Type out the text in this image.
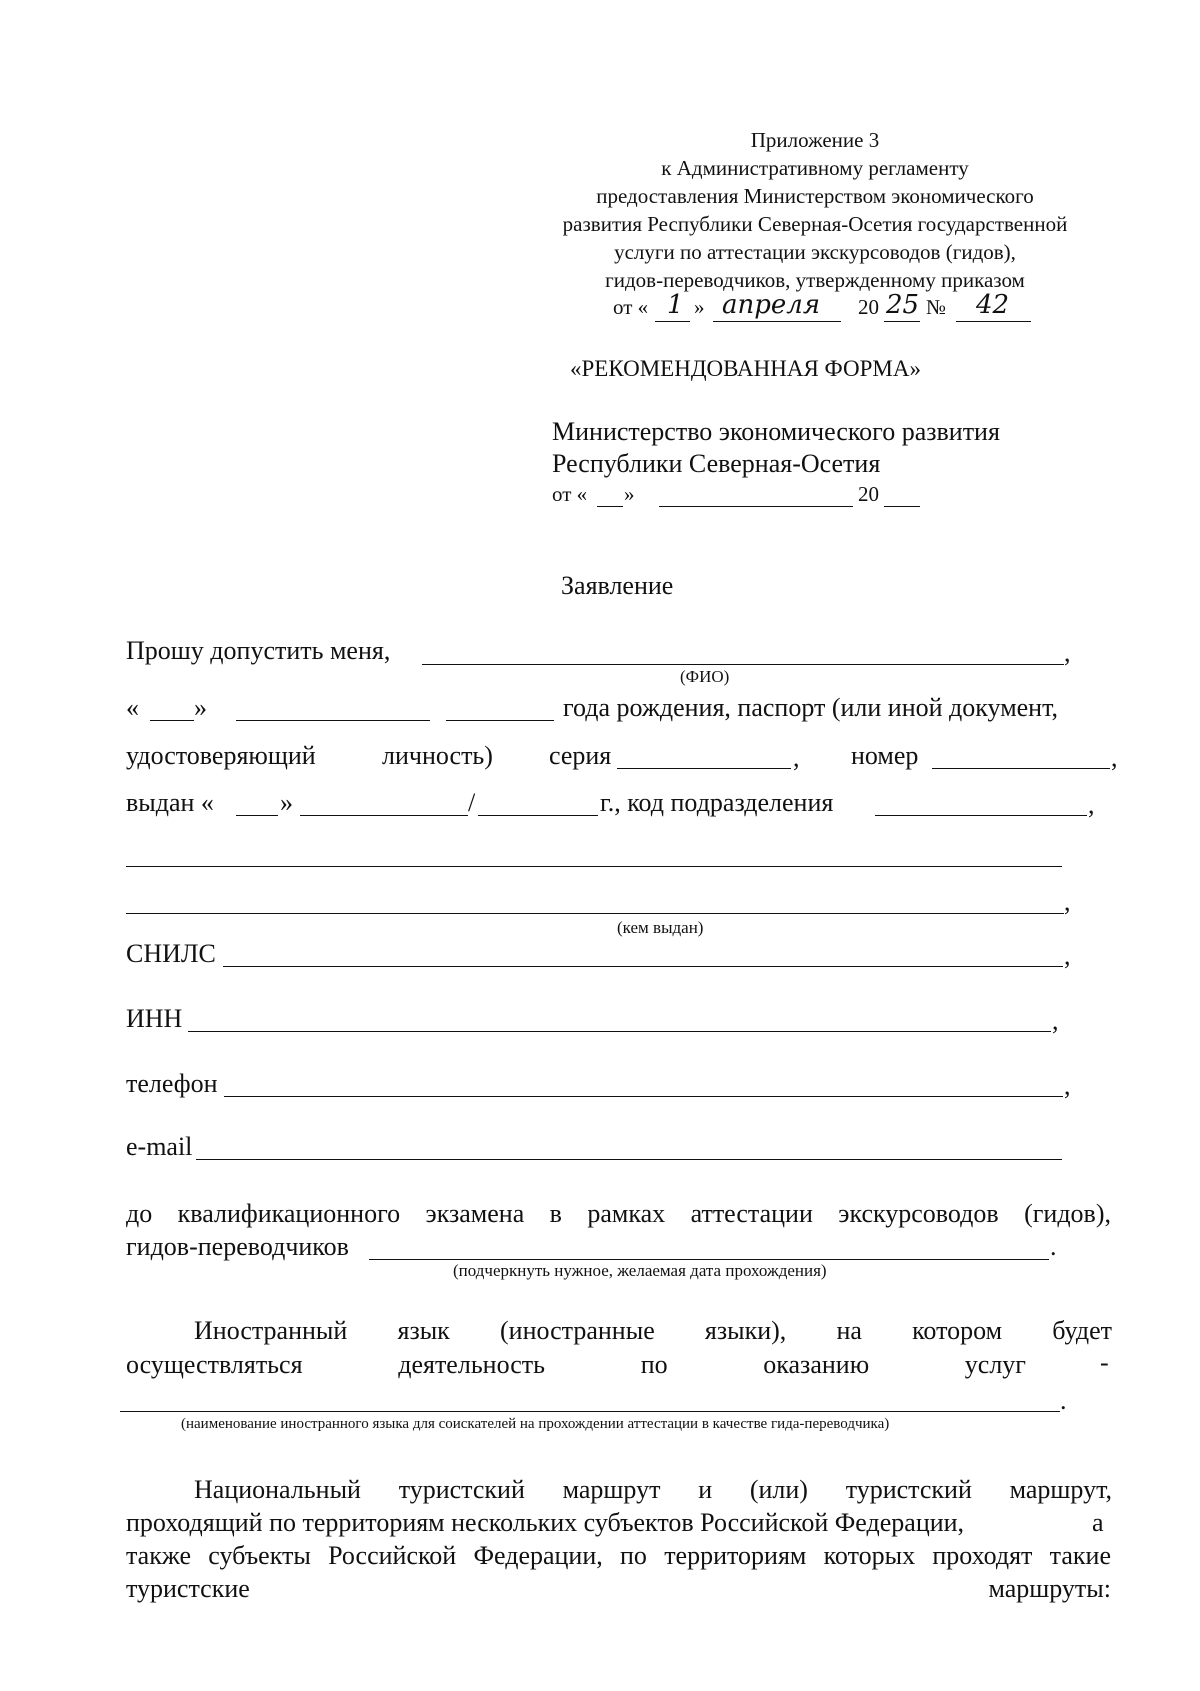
Приложение 3
к Административному регламенту
предоставления Министерством экономического
развития Республики Северная-Осетия государственной
услуги по аттестации экскурсоводов (гидов),
гидов-переводчиков, утвержденному приказом
от « 1 » апреля 20 25 № 42
«РЕКОМЕНДОВАННАЯ ФОРМА»
Министерство экономического развития
Республики Северная-Осетия
от « »	20
Заявление
Прошу допустить меня,	,
(ФИО)
« »	года рождения, паспорт (или иной документ,
удостоверяющий	личность) серия	, номер	,
выдан «	»	/	г., код подразделения	,
,
(кем выдан)
СНИЛС	,
ИНН	,
телефон	,
e-mail
до квалификационного экзамена в рамках аттестации экскурсоводов (гидов),
гидов-переводчиков	.
(подчеркнуть нужное, желаемая дата прохождения)
Иностранный язык (иностранные языки), на котором будет
осуществляться	деятельность	по	оказанию	услуг	-
.
(наименование иностранного языка для соискателей на прохождении аттестации в качестве гида-переводчика)
Национальный туристский маршрут и (или) туристский маршрут,
проходящий по территориям нескольких субъектов Российской Федерации,	а
также субъекты Российской Федерации, по территориям которых проходят такие
туристские	маршруты:
